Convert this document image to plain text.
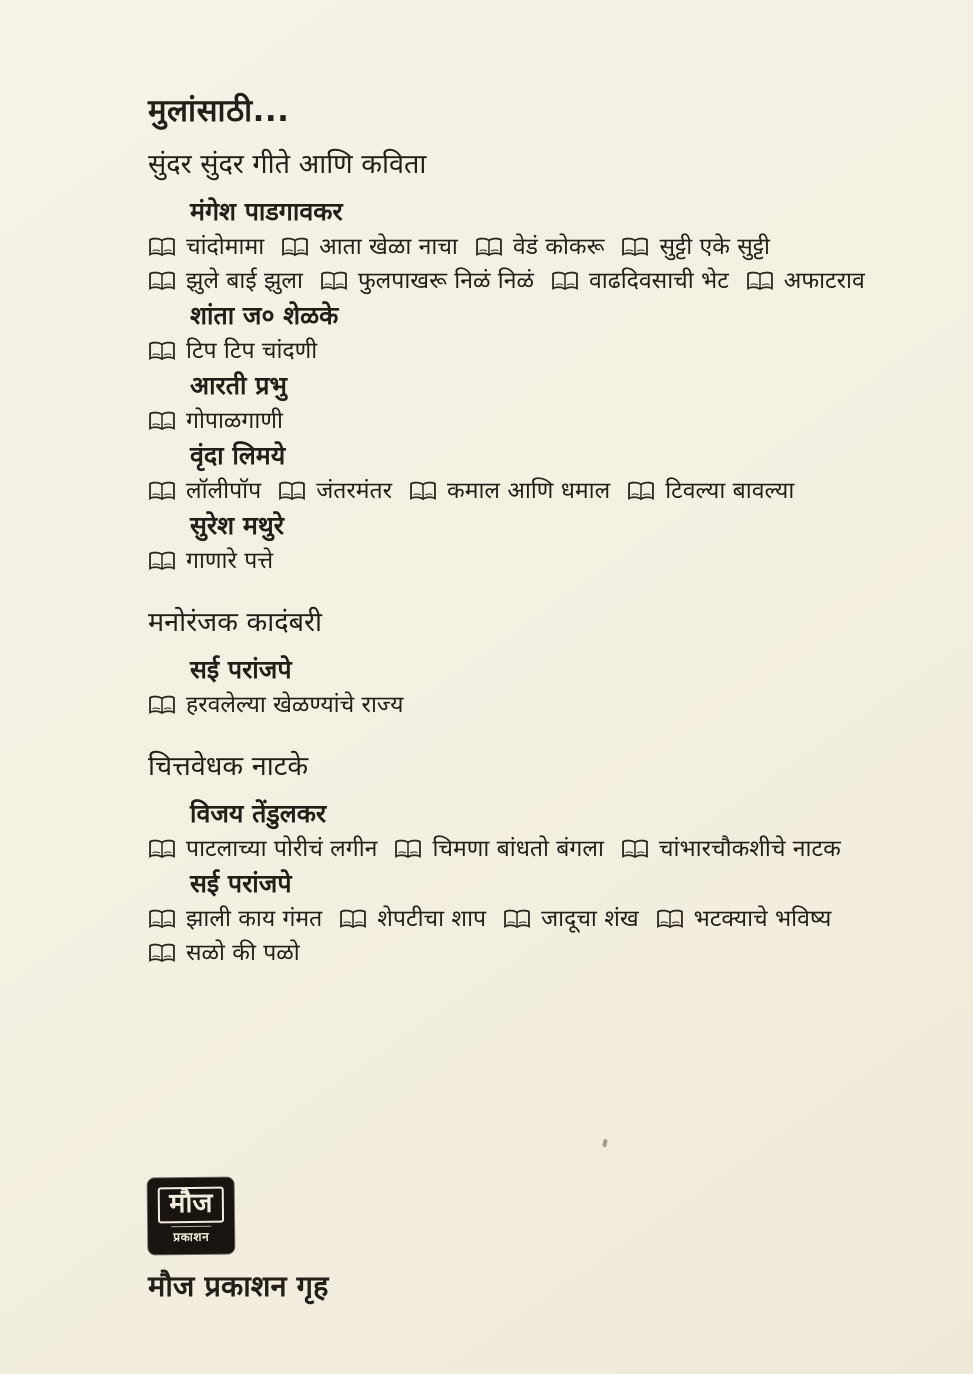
मुलांसाठी...
सुंदर सुंदर गीते आणि कविता
मंगेश पाडगावकर
चांदोमामा आता खेळा नाचा वेडं कोकरू सुट्टी एके सुट्टी
झुले बाई झुला फुलपाखरू निळं निळं वाढदिवसाची भेट अफाटराव
शांता ज० शेळके
टिप टिप चांदणी
आरती प्रभु
गोपाळगाणी
वृंदा लिमये
लॉलीपॉप जंतरमंतर कमाल आणि धमाल टिवल्या बावल्या
सुरेश मथुरे
गाणारे पत्ते
मनोरंजक कादंबरी
सई परांजपे
हरवलेल्या खेळण्यांचे राज्य
चित्तवेधक नाटके
विजय तेंडुलकर
पाटलाच्या पोरीचं लगीन चिमणा बांधतो बंगला चांभारचौकशीचे नाटक
सई परांजपे
झाली काय गंमत शेपटीचा शाप जादूचा शंख भटक्याचे भविष्य
सळो की पळो
मौज
प्रकाशन
मौज प्रकाशन गृह
